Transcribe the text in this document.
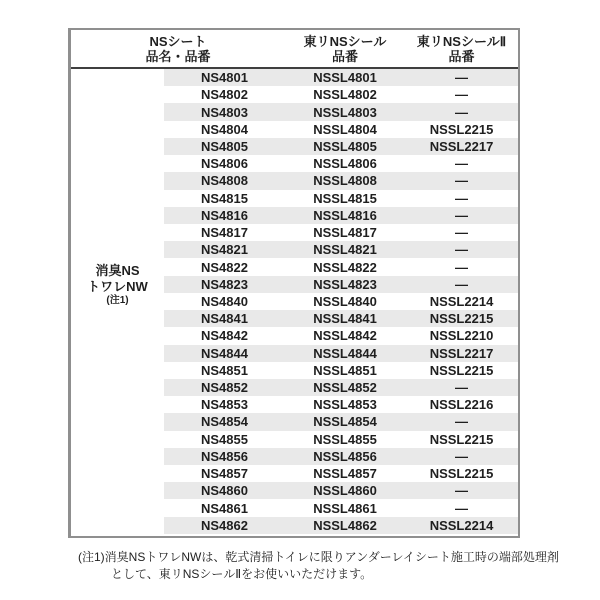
NSシート
品名・品番
東リNSシール
品番
東リNSシールⅡ
品番
NS4801	NSSL4801	—
NS4802	NSSL4802	—
NS4803	NSSL4803	—
NS4804	NSSL4804	NSSL2215
NS4805	NSSL4805	NSSL2217
NS4806	NSSL4806	—
NS4808	NSSL4808	—
NS4815	NSSL4815	—
NS4816	NSSL4816	—
NS4817	NSSL4817	—
NS4821	NSSL4821	—
NS4822	NSSL4822	—
NS4823	NSSL4823	—
NS4840	NSSL4840	NSSL2214
NS4841	NSSL4841	NSSL2215
NS4842	NSSL4842	NSSL2210
NS4844	NSSL4844	NSSL2217
NS4851	NSSL4851	NSSL2215
NS4852	NSSL4852	—
NS4853	NSSL4853	NSSL2216
NS4854	NSSL4854	—
NS4855	NSSL4855	NSSL2215
NS4856	NSSL4856	—
NS4857	NSSL4857	NSSL2215
NS4860	NSSL4860	—
NS4861	NSSL4861	—
NS4862	NSSL4862	NSSL2214
消臭NS
トワレNW
(注1)
(注1)消臭NSトワレNWは、乾式清掃トイレに限りアンダーレイシート施工時の端部処理剤
として、東リNSシールⅡをお使いいただけます。
